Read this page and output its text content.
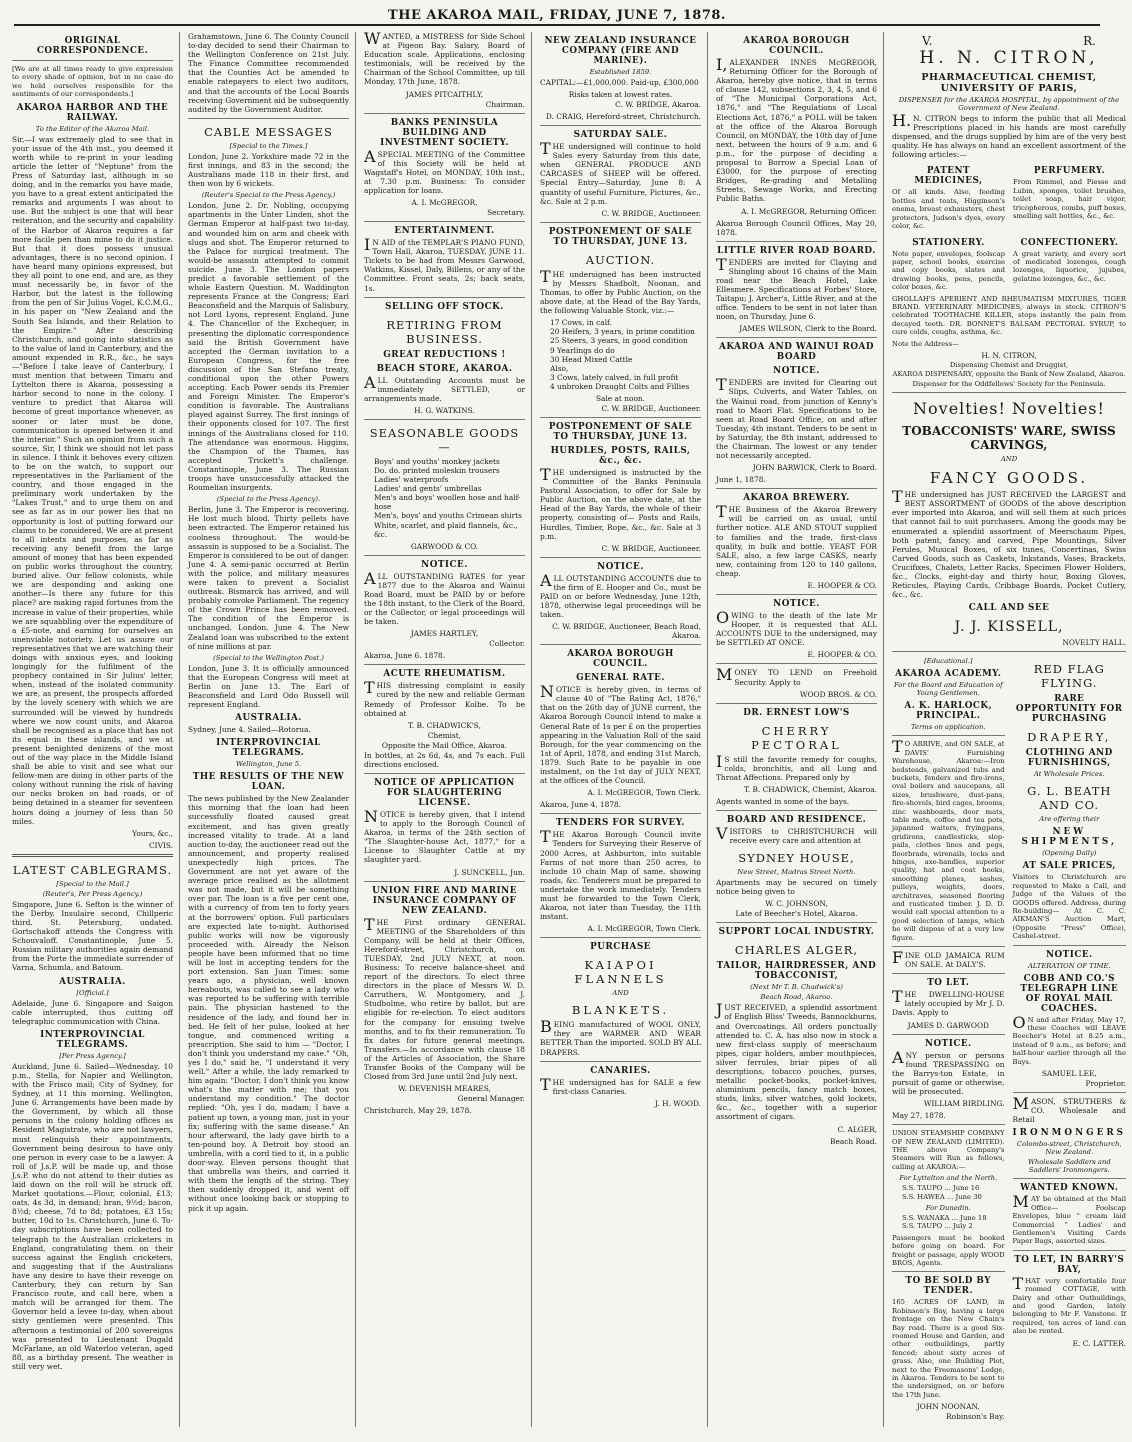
THE AKAROA MAIL, FRIDAY, JUNE 7, 1878.
ORIGINAL CORRESPONDENCE.

[We are at all times ready to give expression to every shade of opinion, but in no case do we hold ourselves responsible for the sentiments of our correspondents.]

AKAROA HARBOR AND THE RAILWAY.
To the Editor of the Akaroa Mail.

Sir,—I was extremely glad to see that in your issue of the 4th inst., you deemed it worth while to re-print in your leading article the letter of "Neptune" from the Press of Saturday last, although in so doing, and in the remarks you have made, you have to a great extent anticipated the remarks and arguments I was about to use. But the subject is one that will bear reiteration, and the security and capability of the Harbor of Akaroa requires a far more facile pen than mine to do it justice. But that it does possess unusual advantages, there is no second opinion. I have heard many opinions expressed, but they all point to one end, and are, as they must necessarily be, in favor of the Harbor, but the latest is the following from the pen of Sir Julius Vogel, K.C.M.G., in his paper on "New Zealand and the South Sea Islands, and their Relation to the Empire." After describing Christchurch, and going into statistics as to the value of land in Canterbury, and the amount expended in R.R., &c., he says—"Before I take leave of Canterbury, I must mention that between Timaru and Lyttelton there is Akaroa, possessing a harbor second to none in the colony. I venture to predict that Akaroa will become of great importance whenever, as sooner or later must be done, communication is opened between it and the interior." Such an opinion from such a source, Sir, I think we should not let pass in silence. I think it behoves every citizen to be on the watch, to support our representatives in the Parliament of the country, and those engaged in the preliminary work undertaken by the "Lakes Trust," and to urge them on and see as far as in our power lies that no opportunity is lost of putting forward our claims to be considered. We are at present to all intents and purposes, as far as receiving any benefit from the large amount of money that has been expended on public works throughout the country, buried alive. Our fellow colonists, while we are desponding and asking one another—Is there any future for this place? are making rapid fortunes from the increase in value of their properties, while we are squabbling over the expenditure of a £5-note, and earning for ourselves an unenviable notoriety. Let us assure our representatives that we are watching their doings with anxious eyes, and looking longingly for the fulfilment of the prophecy contained in Sir Julius' letter, when, instead of the isolated community we are, as present, the prospects afforded by the lovely scenery with which we are surrounded will be viewed by hundreds where we now count units, and Akaroa shall be recognised as a place that has not its equal in these islands, and we at present benighted denizens of the most out of the way place in the Middle Island shall be able to visit and see what our fellow-men are doing in other parts of the colony without running the risk of having our necks broken on bad roads, or of being detained in a steamer for seventeen hours doing a journey of less than 50 miles.

Yours, &c.,
CIVIS.
LATEST CABLEGRAMS.
[Special to the Mail.]
(Reuter's, Per Press Agency.)

Singapore, June 6. Sefton is the winner of the Derby. Insulaire second, Chillperic third. St. Petersburg, undated. Gortschakoff attends the Congress with Schouvaloff. Constantinople, June 5. Russian military authorities again demand from the Porte the immediate surrender of Varna, Schumla, and Batoum.

AUSTRALIA.
[Official.]

Adelaide, June 6. Singapore and Saigon cable interrupted, thus cutting off telegraphic communication with China.

INTERPROVINCIAL TELEGRAMS.
[Per Press Agency.]

Auckland, June 6. Sailed—Wednesday, 10 p.m., Stella, for Napier and Wellington, with the Frisco mail; City of Sydney, for Sydney, at 11 this morning. Wellington, June 6. Arrangements have been made by the Government, by which all those persons in the colony holding offices as Resident Magistrate, who are not lawyers, must relinquish their appointments, Government being desirous to have only one person in every case to be a lawyer. A roll of J.s.P. will be made up, and those J.s.P. who do not attend to their duties as laid down on the roll will be struck off. Market quotations.—Flour, colonial, £13; oats, 4s 3d, in demand; bran, 9½d; bacon, 8½d; cheese, 7d to 8d; potatoes, £3 15s; butter, 10d to 1s. Christchurch, June 6. To-day subscriptions have been collected to telegraph to the Australian cricketers in England, congratulating them on their success against the English cricketers, and suggesting that if the Australians have any desire to have their revenge on Canterbury, they can return by San Francisco route, and call here, when a match will be arranged for them. The Governor held a levee to-day, when about sixty gentlemen were presented. This afternoon a testimonial of 200 sovereigns was presented to Lieutenant Dugald McFarlane, an old Waterloo veteran, aged 88, as a birthday present. The weather is still very wet.

Grahamstown, June 6. The County Council to-day decided to send their Chairman to the Wellington Conference on 21st July. The Finance Committee recommended that the Counties Act be amended to enable ratepayers to elect two auditors, and that the accounts of the Local Boards receiving Government aid be subsequently audited by the Government Auditor.

CABLE MESSAGES
[Special to the Times.]

London, June 2. Yorkshire made 72 in the first innings, and 83 in the second; the Australians made 118 in their first, and then won by 6 wickets.

(Reuter's Special to the Press Agency.)

London, June 2. Dr. Nobling, occupying apartments in the Unter Linden, shot the German Emperor at half-past two to-day, and wounded him on arm and cheek with slugs and shot. The Emperor returned to the Palace for surgical treatment. The would-be assassin attempted to commit suicide. June 3. The London papers predict a favorable settlement of the whole Eastern Question. M. Waddington represents France at the Congress; Earl Beaconsfield and the Marquis of Salisbury, not Lord Lyons, represent England. June 4. The Chancellor of the Exchequer, in presenting the diplomatic correspondence said the British Government have accepted the German invitation to a European Congress, for the free discussion of the San Stefano treaty, conditional upon the other Powers accepting. Each Power sends its Premier and Foreign Minister. The Emperor's condition is favorable. The Australians played against Surrey. The first innings of their opponents closed for 107. The first innings of the Australians closed for 110. The attendance was enormous. Higgins, the Champion of the Thames, has accepted Trickett's challenge. Constantinople, June 3. The Russian troops have unsuccessfully attacked the Roumelian insurgents.

(Special to the Press Agency).

Berlin, June 3. The Emperor is recovering. He lost much blood. Thirty pellets have been extracted. The Emperor retained his coolness throughout. The would-be assassin is supposed to be a Socialist. The Emperor is considered to be out of danger. June 4. A semi-panic occurred at Berlin with the police, and military measures were taken to prevent a Socialist outbreak. Bismarck has arrived, and will probably convoke Parliament. The regency of the Crown Prince has been removed. The condition of the Emperor is unchanged. London, June 4. The New Zealand loan was subscribed to the extent of nine millions at par.

(Special to the Wellington Post.)

London, June 3. It is officially announced that the European Congress will meet at Berlin on June 13. The Earl of Beaconsfield and Lord Odo Russell will represent England.

AUSTRALIA.

Sydney, June 4. Sailed—Rotorua.

INTERPROVINCIAL TELEGRAMS.
Wellington, June 5.
THE RESULTS OF THE NEW LOAN.

The news published by the New Zealander this morning that the loan had been successfully floated caused great excitement, and has given greatly increased vitality to trade. At a land auction to-day, the auctioneer read out the announcement, and property realised unexpectedly high prices. The Government are not yet aware of the average price realised as the allotment was not made, but it will be something over par. The loan is a five per cent one, with a currency of from ten to forty years at the borrowers' option. Full particulars are expected late to-night. Authorised public works will now be vigorously proceeded with. Already the Nelson people have been informed that no time will be lost in accepting tenders for the port extension. San Juan Times: some years ago, a physician, well known hereabouts, was called to see a lady who was reported to be suffering with terrible pain. The physician hastened to the residence of the lady, and found her in bed. He felt of her pulse, looked at her tongue, and commenced writing a prescription. She said to him — "Doctor, I don't think you understand my case." "Oh, yes I do," said he, "I understand it very well." After a while, the lady remarked to him again: "Doctor, I don't think you know what's the matter with me; that you understand my condition." The doctor replied: "Oh, yes I do, madam; I have a patient up town, a young man, just in your fix; suffering with the same disease." An hour afterward, the lady gave birth to a ten-pound boy. A Detroit boy stood an umbrella, with a cord tied to it, in a public door-way. Eleven persons thought that that umbrella was theirs, and carried it with them the length of the string. They then suddenly dropped it, and went off without once looking back or stopping to pick it up again.

WANTED, a MISTRESS for Side School at Pigeon Bay. Salary, Board of Education scale. Applications, enclosing testimonials, will be received by the Chairman of the School Committee, up till Monday, 17th June, 1878.

JAMES PITCAITHLY,
Chairman.
BANKS PENINSULA BUILDING AND INVESTMENT SOCIETY.

ASPECIAL MEETING of the Committee of this Society will be held at Wagstaff's Hotel, on MONDAY, 10th inst., at 7.30 p.m. Business: To consider application for loans.

A. I. McGREGOR,
Secretary.
ENTERTAINMENT.

IN AID of the TEMPLAR'S PIANO FUND, Town Hall, Akaroa, TUESDAY, JUNE 11. Tickets to be had from Messrs Garwood, Watkins, Kissel, Daly, Billens, or any of the Committee. Front seats, 2s; back seats, 1s.

SELLING OFF STOCK.
RETIRING FROM BUSINESS.
GREAT REDUCTIONS !
BEACH STORE, AKAROA.

ALL Outstanding Accounts must be immediately SETTLED, or arrangements made.

H. G. WATKINS.
SEASONABLE GOODS—
Boys' and youths' monkey jackets
Do. do. printed moleskin trousers
Ladies' waterproofs
Ladies' and gents' umbrellas
Men's and boys' woollen hose and half-hose
Men's, boys' and youths Crimean shirts
White, scarlet, and plaid flannels, &c., &c.
GARWOOD & CO.
NOTICE.

ALL OUTSTANDING RATES for year 1877 due to the Akaroa and Wainui Road Board, must be PAID by or before the 18th instant, to the Clerk of the Board, or the Collector, or legal proceedings will be taken.

JAMES HARTLEY,
Collector.
Akaroa, June 6. 1878.
ACUTE RHEUMATISM.

THIS distressing complaint is easily cured by the new and reliable German Remedy of Professor Kolbe. To be obtained at

T. B. CHADWICK'S,
Chemist,
Opposite the Mail Office, Akaroa.

In bottles, at 2s 6d, 4s, and 7s each. Full directions enclosed.

NOTICE OF APPLICATION FOR SLAUGHTERING LICENSE.

NOTICE is hereby given, that I intend to apply to the Borough Council of Akaroa, in terms of the 24th section of "The Slaughter-house Act, 1877," for a License to Slaughter Cattle at my slaughter yard.

J. SUNCKELL, Jun.
UNION FIRE AND MARINE INSURANCE COMPANY OF NEW ZEALAND.

THE First ordinary GENERAL MEETING of the Shareholders of this Company, will be held at their Offices, Hereford-street, Christchurch, on TUESDAY, 2nd JULY NEXT, at noon. Business: To receive balance-sheet and report of the directors. To elect three directors in the place of Messrs W. D. Carruthers, W. Montgomery, and J. Studholme, who retire by ballot, but are eligible for re-election. To elect auditors for the company for ensuing twelve months, and to fix their remuneration. To fix dates for future general meetings. Transfers.—In accordance with clause 18 of the Articles of Association, the Share Transfer Books of the Company will be Closed from 3rd June until 2nd July next.

W. DEVENISH MEARES,
General Manager.
Christchurch, May 29, 1878.
NEW ZEALAND INSURANCE COMPANY (FIRE AND MARINE).
Established 1859.

CAPITAL:—£1,000,000. Paid-up, £300,000

Risks taken at lowest rates.
C. W. BRIDGE, Akaroa.
D. CRAIG, Hereford-street, Christchurch.
SATURDAY SALE.

THE undersigned will continue to hold Sales every Saturday from this date, when GENERAL PRODUCE AND CARCASES of SHEEP will be offered. Special Entry—Saturday, June 8: A quantity of useful Furniture, Pictures, &c., &c. Sale at 2 p.m.

C. W. BRIDGE, Auctioneer.
POSTPONEMENT OF SALE TO THURSDAY, JUNE 13.
AUCTION.

THE undersigned has been instructed by Messrs Shadbolt, Noonan, and Thomas, to offer by Public Auction, on the above date, at the Head of the Bay Yards, the following Valuable Stock, viz.:—

17 Cows, in calf.
20 Heifers, 3 years, in prime condition
25 Steers, 3 years, in good condition
9 Yearlings do do
30 Head Mixed Cattle
Also,
3 Cows, lately calved, in full profit
4 unbroken Draught Colts and Fillies
Sale at noon.
C. W. BRIDGE, Auctioneer.
POSTPONEMENT OF SALE TO THURSDAY, JUNE 13.
HURDLES, POSTS, RAILS, &c., &c.

THE undersigned is instructed by the Committee of the Banks Peninsula Pastoral Association, to offer for Sale by Public Auction, on the above date, at the Head of the Bay Yards, the whole of their property, consisting of— Posts and Rails, Hurdles, Timber, Rope, &c., &c. Sale at 3 p.m.

C. W. BRIDGE, Auctioneer.
NOTICE.

ALL OUTSTANDING ACCOUNTS due to the firm of E. Hooper and Co., must be PAID on or before Wednesday, June 12th, 1878, otherwise legal proceedings will be taken.

C. W. BRIDGE, Auctioneer, Beach Road, Akaroa.
AKAROA BOROUGH COUNCIL.
GENERAL RATE.

NOTICE is hereby given, in terms of clause 40 of "The Rating Act, 1876," that on the 26th day of JUNE current, the Akaroa Borough Council intend to make a General Rate of 1s per £ on the properties appearing in the Valuation Roll of the said Borough, for the year commencing on the 1st of April, 1878, and ending 31st March, 1879. Such Rate to be payable in one instalment, on the 1st day of JULY NEXT, at the offices of the Council.

A. I. McGREGOR, Town Clerk.
Akaroa, June 4, 1878.
TENDERS FOR SURVEY.

THE Akaroa Borough Council invite Tenders for Surveying their Reserve of 2000 Acres, at Ashburton, into suitable Farms of not more than 250 acres, to include 10 chain Map of same, showing roads, &c. Tenderers must be prepared to undertake the work immediately. Tenders must be forwarded to the Town Clerk, Akaroa, not later than Tuesday, the 11th instant.

A. I. McGREGOR, Town Clerk.
PURCHASE
KAIAPOI FLANNELS
AND
BLANKETS.

BEING manufactured of WOOL ONLY, they are WARMER AND WEAR BETTER Than the imported. SOLD BY ALL DRAPERS.

CANARIES.

THE undersigned has for SALE a few first-class Canaries.

J. H. WOOD.
AKAROA BOROUGH COUNCIL.

I,ALEXANDER INNES McGREGOR, Returning Officer for the Borough of Akaroa, hereby give notice, that in terms of clause 142, subsections 2, 3, 4, 5, and 6 of "The Municipal Corporations Act, 1876," and "The Regulations of Local Elections Act, 1876," a POLL will be taken at the office of the Akaroa Borough Council, on MONDAY, the 10th day of June next, between the hours of 9 a.m. and 6 p.m., for the purpose of deciding a proposal to Borrow a Special Loan of £3000, for the purpose of erecting Bridges, Re-grading and Metalling Streets, Sewage Works, and Erecting Public Baths.

A. I. McGREGOR, Returning Officer.
Akaroa Borough Council Offices, May 20, 1878.
LITTLE RIVER ROAD BOARD.

TENDERS are invited for Claying and Shingling about 16 chains of the Main road near the Beach Hotel, Lake Ellesmere. Specifications at Forbes' Store, Taitapu; J. Archer's, Little River, and at the office. Tenders to be sent in not later than noon, on Thursday, June 6.

JAMES WILSON, Clerk to the Board.
AKAROA AND WAINUI ROAD BOARD
NOTICE.

TENDERS are invited for Clearing out Slips, Culverts, and Water Tables, on the Wainui road, from junction of Kenny's road to Maori Flat. Specifications to be seen at Road Board Office, on and after Tuesday, 4th instant. Tenders to be sent in by Saturday, the 8th instant, addressed to the Chairman. The lowest or any tender not necessarily accepted.

JOHN BARWICK, Clerk to Board.
June 1, 1878.
AKAROA BREWERY.

THE Business of the Akaroa Brewery will be carried on as usual, until further notice. ALE AND STOUT supplied to families and the trade, first-class quality, in bulk and bottle. YEAST FOR SALE, also, a few large CASKS, nearly new, containing from 120 to 140 gallons, cheap.

E. HOOPER & CO.
NOTICE.

OWING to the death of the late Mr Hooper, it is requested that ALL ACCOUNTS DUE to the undersigned, may be SETTLED AT ONCE.

E. HOOPER & CO.

MONEY TO LEND on Freehold Security. Apply to

WOOD BROS. & CO.
DR. ERNEST LOW'S
CHERRY PECTORAL

IS still the favorite remedy for coughs, colds, bronchitis, and all Lung and Throat Affections. Prepared only by

T. B. CHADWICK, Chemist, Akaroa.
Agents wanted in some of the bays.
BOARD AND RESIDENCE.

VISITORS to CHRISTCHURCH will receive every care and attention at

SYDNEY HOUSE,
New Street, Madras Street North.

Apartments may be secured on timely notice being given to

W. C. JOHNSON,
Late of Beecher's Hotel, Akaroa.
SUPPORT LOCAL INDUSTRY.
CHARLES ALGER,
TAILOR, HAIRDRESSER, AND TOBACCONIST,
(Next Mr T. B. Chadwick's)
Beach Road, Akaroa.

JUST RECEIVED, a splendid assortment of English Bliss' Tweeds, Bannockburns, and Overcoatings. All orders punctually attended to. C. A. has also now in stock a new first-class supply of meerschaum pipes, cigar holders, amber mouthpieces, silver ferrules, briar pipes of all descriptions, tobacco pouches, purses, metallic pocket-books, pocket-knives, aluminium pencils, fancy match boxes, studs, links, silver watches, gold lockets, &c., &c., together with a superior assortment of cigars.

C. ALGER,
Beach Road.
V.	R.
H. N. CITRON,
PHARMACEUTICAL CHEMIST, UNIVERSITY OF PARIS,
DISPENSER for the AKAROA HOSPITAL, by appointment of the Government of New Zealand.

H.N. CITRON begs to inform the public that all Medical Prescriptions placed in his hands are most carefully dispensed, and the drugs supplied by him are of the very best quality. He has always on hand an excellent assortment of the following articles:—

PATENT MEDICINES,

Of all kinds. Also, feeding bottles and teats, Higginson's enema, breast exhausters, chest protectors, Judson's dyes, every color, &c.

PERFUMERY.

From Rimmel, and Piesse and Lubin, sponges, toilet brushes, toilet soap, hair vigor, tricopherous, combs, puff boxes, smelling salt bottles, &c., &c.

STATIONERY.

Note paper, envelopes, foolscap paper, school books, exercise and copy books, slates and drawing books, pens, pencils, color boxes, &c.

CONFECTIONERY.

A great variety, and every sort of medicated lozenges, cough lozenges, liquorice, jujubes, gelatine lozenges, &c., &c.

GHOLLAH'S APERIENT AND RHEUMATISM MIXTURES, TIGER BRAND. VETERINARY MEDICINES, always in stock. CITRON'S celebrated TOOTHACHE KILLER, stops instantly the pain from decayed teeth. DR. BONNET'S BALSAM PECTORAL SYRUP, to cure colds, coughs, asthma, &c.

Note the Address—
H. N. CITRON,
Dispensing Chemist and Druggist,
AKAROA DISPENSARY, opposite the Bank of New Zealand, Akaroa.
Dispenser for the Oddfellows' Society for the Peninsula.
Novelties! Novelties!
TOBACCONISTS' WARE, SWISS CARVINGS,
AND
FANCY GOODS.

THE undersigned has JUST RECEIVED the LARGEST and BEST ASSORTMENT of GOODS of the above description ever imported into Akaroa, and will sell them at such prices that cannot fail to suit purchasers. Among the goods may be enumerated a splendid assortment of Meerschaum Pipes, both patent, fancy, and carved, Pipe Mountings, Silver Ferules, Musical Boxes, of six tunes, Concertinas, Swiss Carved Goods, such as Caskets, Inkstands, Vases, Brackets, Crucifixes, Chalets, Letter Racks, Specimen Flower Holders, &c., Clocks, eight-day and thirty hour, Boxing Gloves, Reticules, Playing Cards, Cribbage Boards, Pocket Cutlery, &c., &c.

CALL AND SEE
J. J. KISSELL,
NOVELTY HALL.
[Educational.]
AKAROA ACADEMY.
For the Board and Education of Young Gentlemen.
A. K. HARLOCK, PRINCIPAL.
Terms on application.

TO ARRIVE, and ON SALE, at DAVIS' Furnishing Warehouse, Akaroa:—Iron bedsteads, galvanized tubs and buckets, fenders and fire-irons, oval boilers and saucepans, all sizes, brushware, dust-pans, fire-shovels, bird cages, brooms, zinc washboards, door mats, table mats, coffee and tea pots, japanned waiters, fryingpans, gridirons, candlesticks, slop-pails, clothes lines and pegs, floorbrads, wirenails, locks and hinges, axe-handles, superior quality, hat and coat hooks, smoothing planes, sashes, pulleys, weights, doors, architraves, seasoned flooring and rusticated timber. J. D. D. would call special attention to a good selection of lamps, which he will dispose of at a very low figure.

FINE OLD JAMAICA RUM ON SALE. At DALY'S.

TO LET.

THE DWELLING-HOUSE lately occupied by Mr J. D. Davis. Apply to

JAMES D. GARWOOD
NOTICE.

ANY person or persons found TRESPASSING on the Barrys-ton Estate, in pursuit of game or otherwise, will be prosecuted.

WILLIAM BIRDLING.
May 27, 1878.

UNION STEAMSHIP COMPANY OF NEW ZEALAND (LIMITED). THE above Company's Steamers will Run as follows, calling at AKAROA:—

For Lyttelton and the North.
S.S. TAUPO ... June 16
S.S. HAWEA ... June 30
For Dunedin.
S.S. WANAKA ... June 18
S.S. TAUPO ... July 2

Passengers must be booked before going on board. For freight or passage, apply WOOD BROS, Agents.

TO BE SOLD BY TENDER.

165 ACRES OF LAND, in Robinson's Bay, having a large frontage on the New Chain's Bay road. There is a good Six-roomed House and Garden, and other outbuildings, partly fenced; about sixty acres of grass. Also, one Building Plot, next to the Freemasons' Lodge, in Akaroa. Tenders to be sent to the undersigned, on or before the 17th June.

JOHN NOONAN,
Robinson's Bay.
RED FLAG FLYING.
RARE OPPORTUNITY FOR PURCHASING
DRAPERY,
CLOTHING AND FURNISHINGS,
At Wholesale Prices.
G. L. BEATH AND CO.
Are offering their
NEW SHIPMENTS,
(Opening Daily)
AT SALE PRICES,

Visitors to Christchurch are requested to Make a Call, and Judge of the Values of the GOODS offered. Address, during Re-building— At C. C. AIKMAN'S Auction Mart, (Opposite "Press" Office), Cashel-street.

NOTICE.
ALTERATION OF TIME.
COBB AND CO.'S TELEGRAPH LINE OF ROYAL MAIL COACHES.

ON and after Friday, May 17, these Coaches will LEAVE Beecher's Hotel at 8.25 a.m., instead of 9 a.m., as before; and half-hour earlier through all the Bays.

SAMUEL LEE,
Proprietor.

MASON, STRUTHERS & CO. Wholesale and Retail

IRONMONGERS
Colombo-street, Christchurch, New Zealand.
Wholesale Saddlers and Saddlers' Ironmongers.
WANTED KNOWN.

MAY be obtained at the Mail Office— Foolscap Envelopes, blue " cream laid Commercial " Ladies' and Gentlemen's Visiting Cards Paper Bags, assorted sizes.

TO LET, IN BARRY'S BAY,

THAT very comfortable four roomed COTTAGE, with Dairy and other Outbuildings, and good Garden, lately belonging to Mr F. Vanstone. If required, ten acres of land can also be rented.

E. C. LATTER.
